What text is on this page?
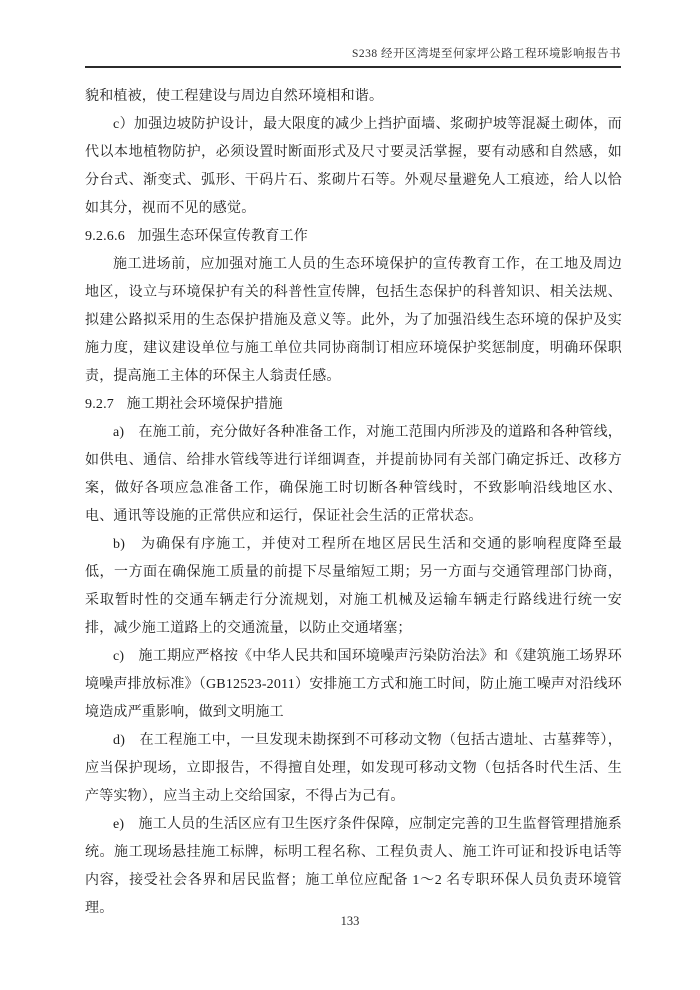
S238 经开区湾堤至何家坪公路工程环境影响报告书

貌和植被，使工程建设与周边自然环境相和谐。

c）加强边坡防护设计，最大限度的减少上挡护面墙、浆砌护坡等混凝土砌体，而代以本地植物防护，必须设置时断面形式及尺寸要灵活掌握，要有动感和自然感，如分台式、渐变式、弧形、干码片石、浆砌片石等。外观尽量避免人工痕迹，给人以恰如其分，视而不见的感觉。

9.2.6.6 加强生态环保宣传教育工作

施工进场前，应加强对施工人员的生态环境保护的宣传教育工作，在工地及周边地区，设立与环境保护有关的科普性宣传牌，包括生态保护的科普知识、相关法规、拟建公路拟采用的生态保护措施及意义等。此外，为了加强沿线生态环境的保护及实施力度，建议建设单位与施工单位共同协商制订相应环境保护奖惩制度，明确环保职责，提高施工主体的环保主人翁责任感。

9.2.7 施工期社会环境保护措施

a)　在施工前，充分做好各种准备工作，对施工范围内所涉及的道路和各种管线，如供电、通信、给排水管线等进行详细调查，并提前协同有关部门确定拆迁、改移方案，做好各项应急准备工作，确保施工时切断各种管线时，不致影响沿线地区水、电、通讯等设施的正常供应和运行，保证社会生活的正常状态。

b)　为确保有序施工，并使对工程所在地区居民生活和交通的影响程度降至最低，一方面在确保施工质量的前提下尽量缩短工期；另一方面与交通管理部门协商，采取暂时性的交通车辆走行分流规划，对施工机械及运输车辆走行路线进行统一安排，减少施工道路上的交通流量，以防止交通堵塞；

c)　施工期应严格按《中华人民共和国环境噪声污染防治法》和《建筑施工场界环境噪声排放标准》（GB12523-2011）安排施工方式和施工时间，防止施工噪声对沿线环境造成严重影响，做到文明施工

d)　在工程施工中，一旦发现未勘探到不可移动文物（包括古遗址、古墓葬等），应当保护现场，立即报告，不得擅自处理，如发现可移动文物（包括各时代生活、生产等实物），应当主动上交给国家，不得占为己有。

e)　施工人员的生活区应有卫生医疗条件保障，应制定完善的卫生监督管理措施系统。施工现场悬挂施工标牌，标明工程名称、工程负责人、施工许可证和投诉电话等内容，接受社会各界和居民监督；施工单位应配备 1～2 名专职环保人员负责环境管理。

133
